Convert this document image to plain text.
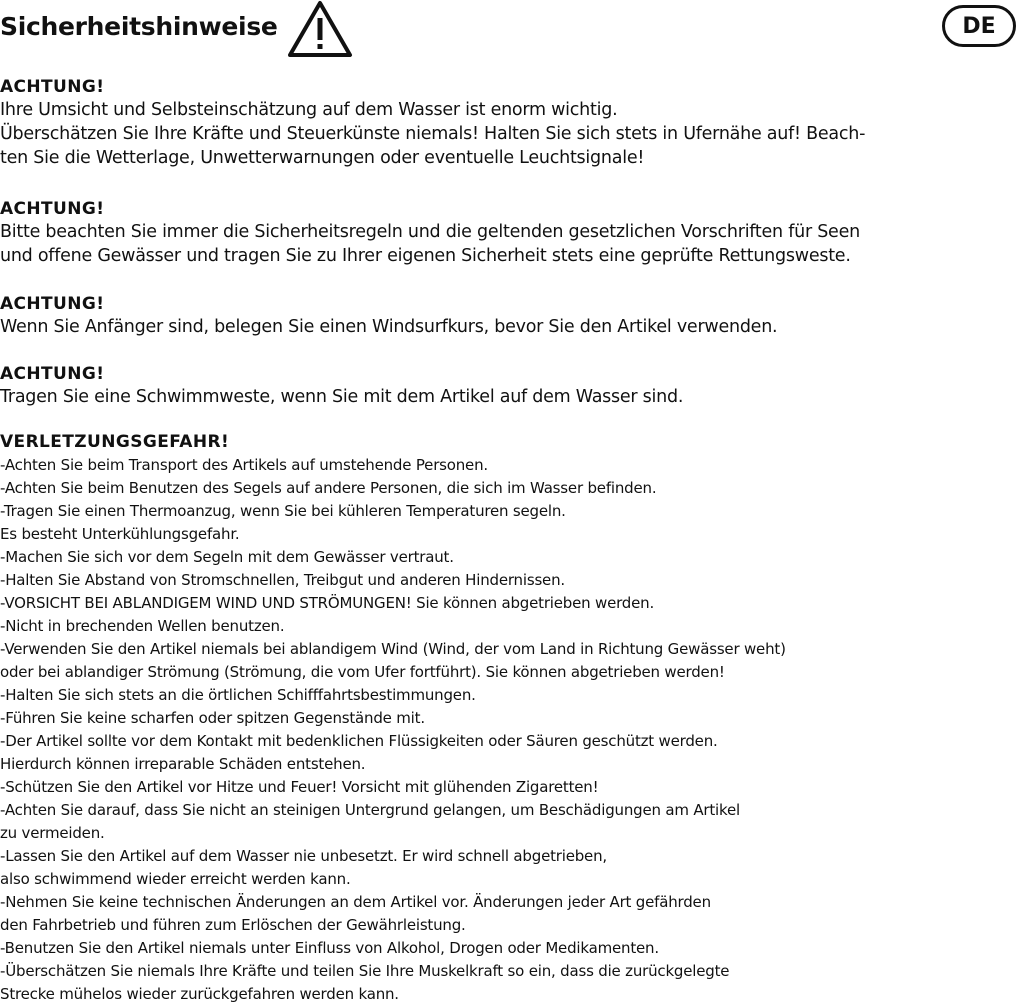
Sicherheitshinweise	DE
ACHTUNG!
Ihre Umsicht und Selbsteinschätzung auf dem Wasser ist enorm wichtig.
Überschätzen Sie Ihre Kräfte und Steuerkünste niemals! Halten Sie sich stets in Ufernähe auf! Beach-
ten Sie die Wetterlage, Unwetterwarnungen oder eventuelle Leuchtsignale!
ACHTUNG!
Bitte beachten Sie immer die Sicherheitsregeln und die geltenden gesetzlichen Vorschriften für Seen
und offene Gewässer und tragen Sie zu Ihrer eigenen Sicherheit stets eine geprüfte Rettungsweste.
ACHTUNG!
Wenn Sie Anfänger sind, belegen Sie einen Windsurfkurs, bevor Sie den Artikel verwenden.
ACHTUNG!
Tragen Sie eine Schwimmweste, wenn Sie mit dem Artikel auf dem Wasser sind.
VERLETZUNGSGEFAHR!
-Achten Sie beim Transport des Artikels auf umstehende Personen.
-Achten Sie beim Benutzen des Segels auf andere Personen, die sich im Wasser befinden.
-Tragen Sie einen Thermoanzug, wenn Sie bei kühleren Temperaturen segeln.
Es besteht Unterkühlungsgefahr.
-Machen Sie sich vor dem Segeln mit dem Gewässer vertraut.
-Halten Sie Abstand von Stromschnellen, Treibgut und anderen Hindernissen.
-VORSICHT BEI ABLANDIGEM WIND UND STRÖMUNGEN! Sie können abgetrieben werden.
-Nicht in brechenden Wellen benutzen.
-Verwenden Sie den Artikel niemals bei ablandigem Wind (Wind, der vom Land in Richtung Gewässer weht)
oder bei ablandiger Strömung (Strömung, die vom Ufer fortführt). Sie können abgetrieben werden!
-Halten Sie sich stets an die örtlichen Schifffahrtsbestimmungen.
-Führen Sie keine scharfen oder spitzen Gegenstände mit.
-Der Artikel sollte vor dem Kontakt mit bedenklichen Flüssigkeiten oder Säuren geschützt werden.
Hierdurch können irreparable Schäden entstehen.
-Schützen Sie den Artikel vor Hitze und Feuer! Vorsicht mit glühenden Zigaretten!
-Achten Sie darauf, dass Sie nicht an steinigen Untergrund gelangen, um Beschädigungen am Artikel
zu vermeiden.
-Lassen Sie den Artikel auf dem Wasser nie unbesetzt. Er wird schnell abgetrieben,
also schwimmend wieder erreicht werden kann.
-Nehmen Sie keine technischen Änderungen an dem Artikel vor. Änderungen jeder Art gefährden
den Fahrbetrieb und führen zum Erlöschen der Gewährleistung.
-Benutzen Sie den Artikel niemals unter Einfluss von Alkohol, Drogen oder Medikamenten.
-Überschätzen Sie niemals Ihre Kräfte und teilen Sie Ihre Muskelkraft so ein, dass die zurückgelegte
Strecke mühelos wieder zurückgefahren werden kann.
